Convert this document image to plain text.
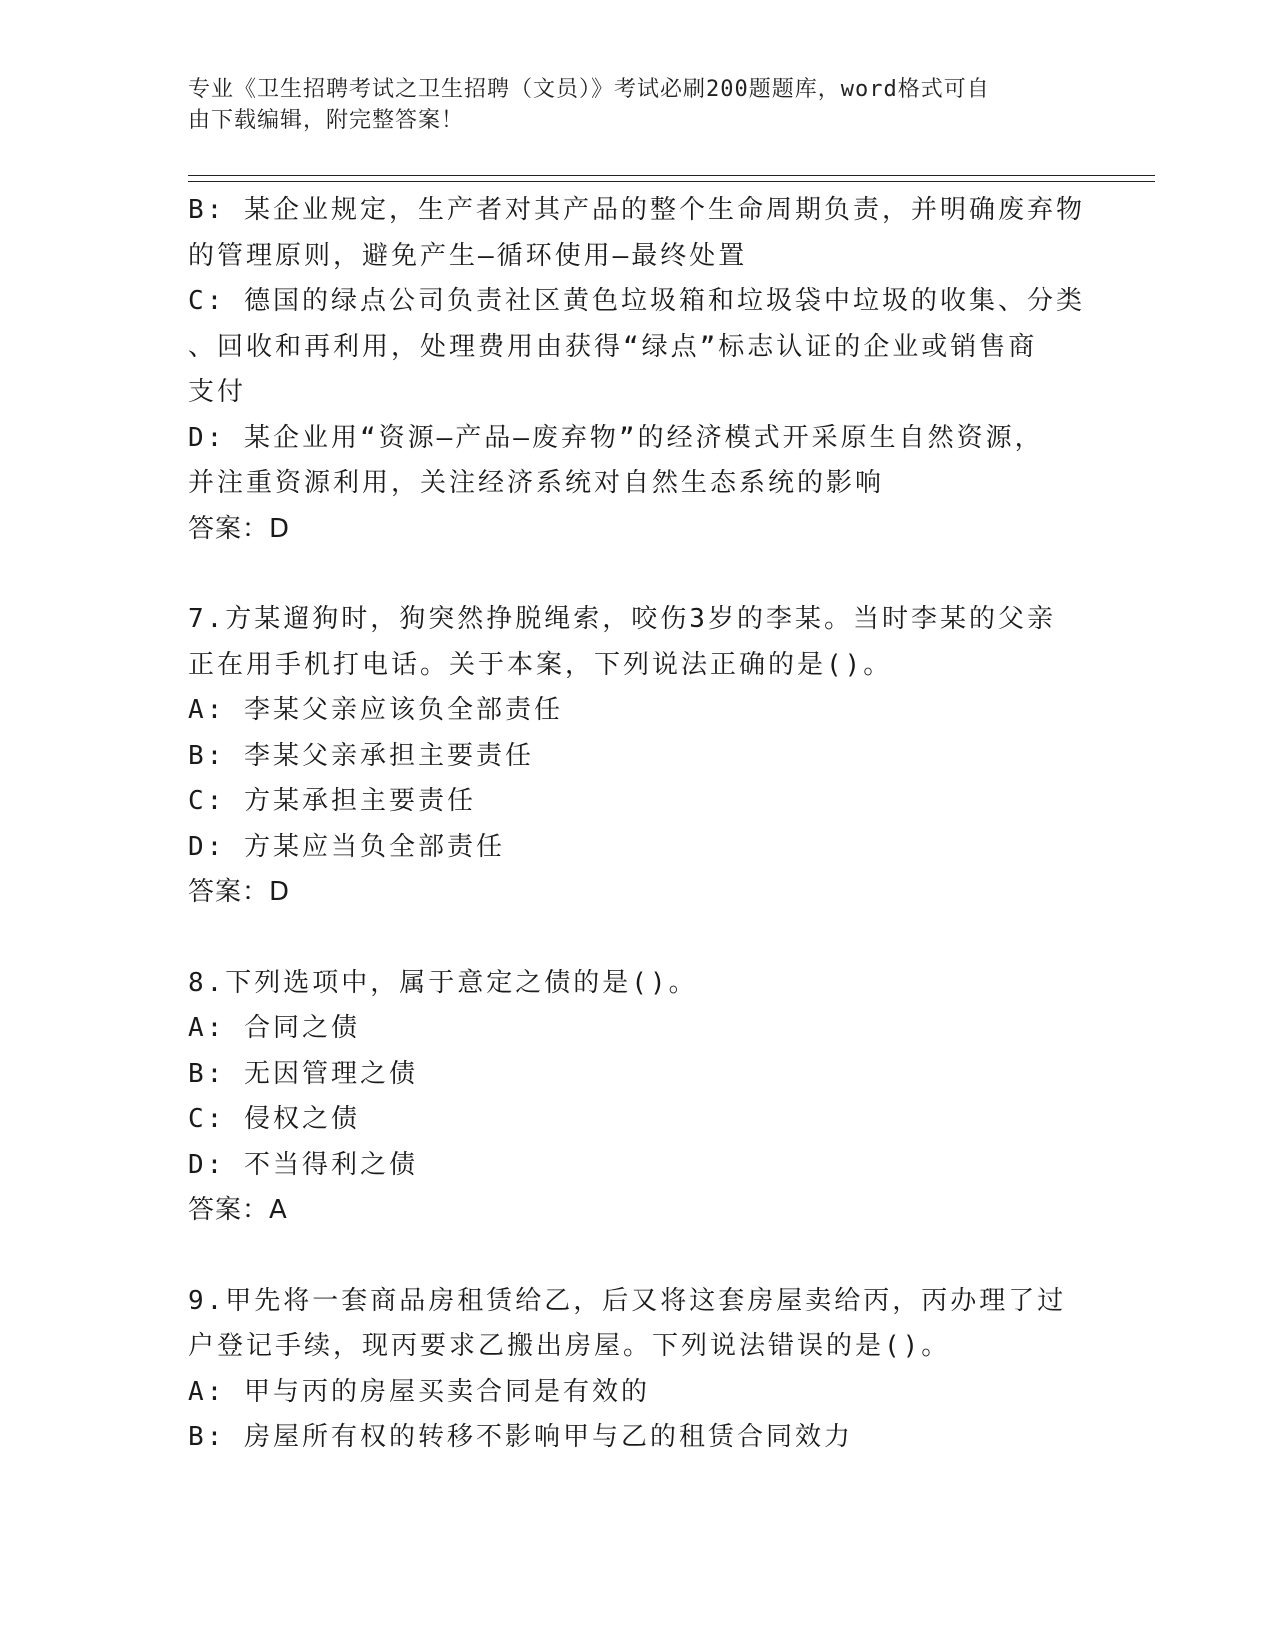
专业《卫生招聘考试之卫生招聘（文员）》考试必刷200题题库，word格式可自
由下载编辑，附完整答案！
B: 某企业规定，生产者对其产品的整个生命周期负责，并明确废弃物
的管理原则，避免产生—循环使用—最终处置
C: 德国的绿点公司负责社区黄色垃圾箱和垃圾袋中垃圾的收集、分类
、回收和再利用，处理费用由获得“绿点”标志认证的企业或销售商
支付
D: 某企业用“资源—产品—废弃物”的经济模式开采原生自然资源，
并注重资源利用，关注经济系统对自然生态系统的影响
答案：D
7.方某遛狗时，狗突然挣脱绳索，咬伤3岁的李某。当时李某的父亲
正在用手机打电话。关于本案，下列说法正确的是()。
A: 李某父亲应该负全部责任
B: 李某父亲承担主要责任
C: 方某承担主要责任
D: 方某应当负全部责任
答案：D
8.下列选项中，属于意定之债的是()。
A: 合同之债
B: 无因管理之债
C: 侵权之债
D: 不当得利之债
答案：A
9.甲先将一套商品房租赁给乙，后又将这套房屋卖给丙，丙办理了过
户登记手续，现丙要求乙搬出房屋。下列说法错误的是()。
A: 甲与丙的房屋买卖合同是有效的
B: 房屋所有权的转移不影响甲与乙的租赁合同效力
